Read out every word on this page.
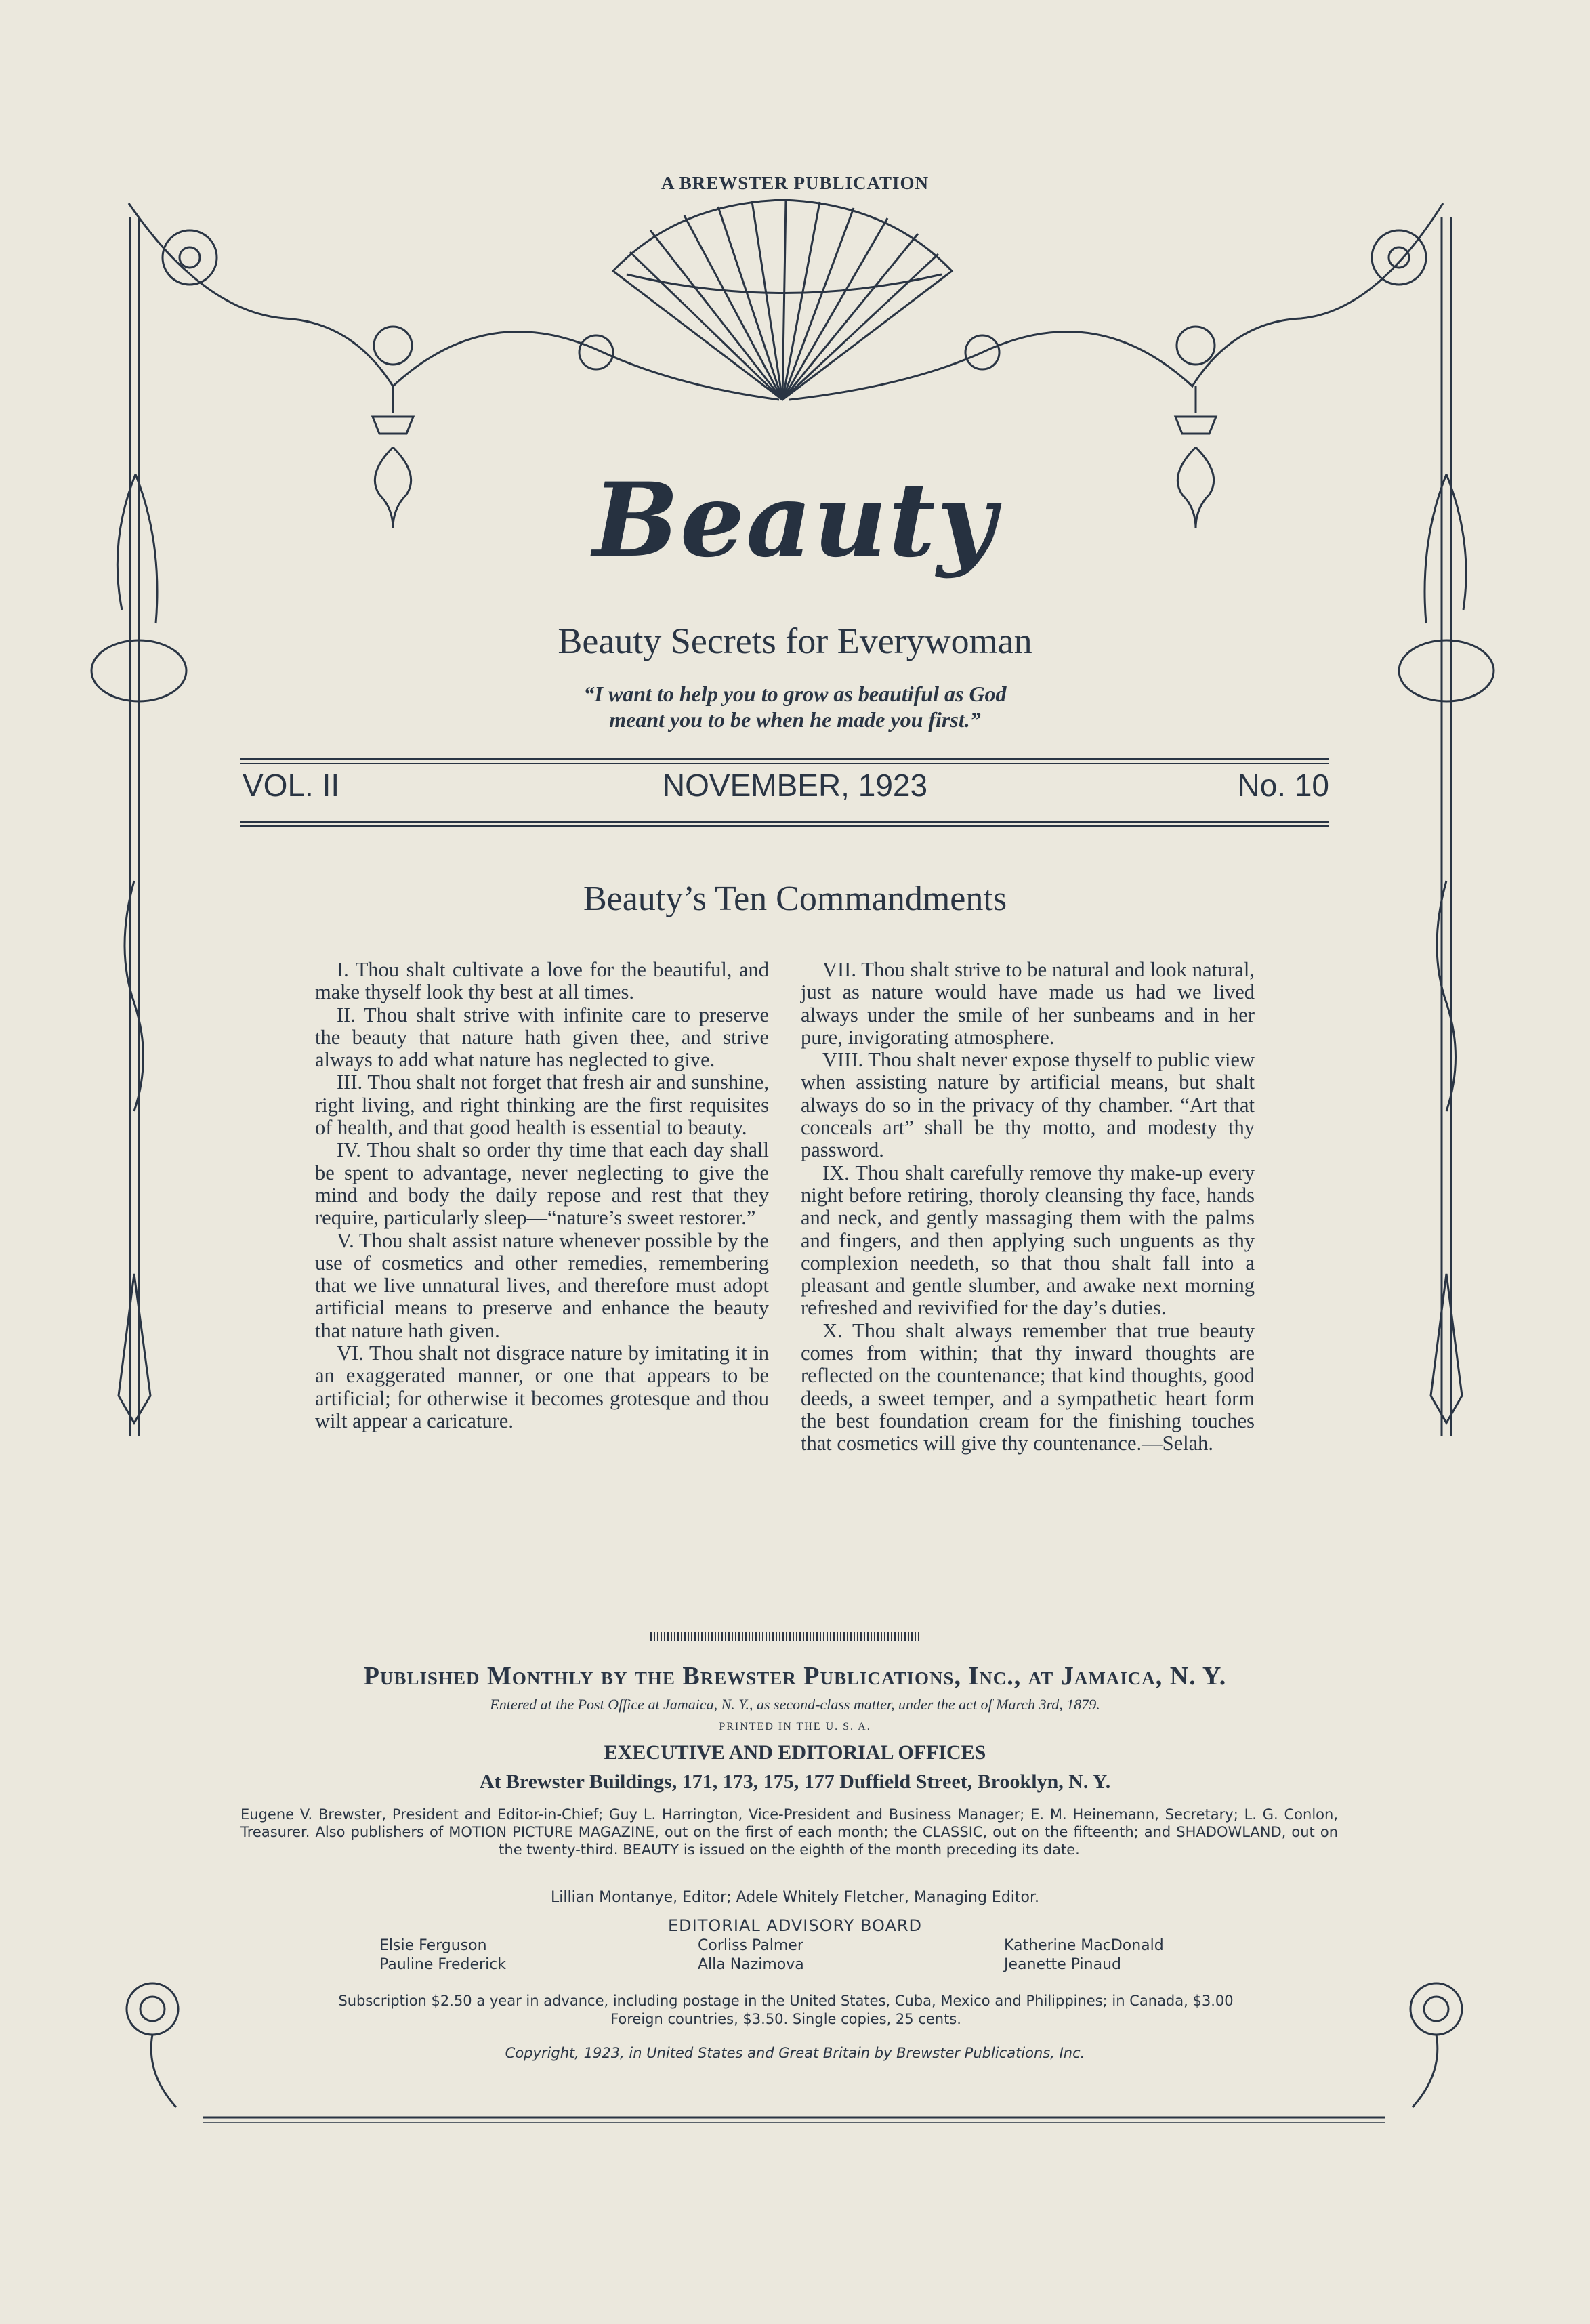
A BREWSTER PUBLICATION
Beauty
Beauty Secrets for Everywoman
“I want to help you to grow as beautiful as God
meant you to be when he made you first.”
VOL. II	NOVEMBER, 1923	No. 10
Beauty’s Ten Commandments

I. Thou shalt cultivate a love for the beautiful, and make thyself look thy best at all times.

II. Thou shalt strive with infinite care to preserve the beauty that nature hath given thee, and strive always to add what nature has neglected to give.

III. Thou shalt not forget that fresh air and sunshine, right living, and right thinking are the first requisites of health, and that good health is essential to beauty.

IV. Thou shalt so order thy time that each day shall be spent to advantage, never neglecting to give the mind and body the daily repose and rest that they require, particularly sleep—“nature’s sweet restorer.”

V. Thou shalt assist nature whenever possible by the use of cosmetics and other remedies, remembering that we live unnatural lives, and therefore must adopt artificial means to preserve and enhance the beauty that nature hath given.

VI. Thou shalt not disgrace nature by imitating it in an exaggerated manner, or one that appears to be artificial; for otherwise it becomes grotesque and thou wilt appear a caricature.

VII. Thou shalt strive to be natural and look natural, just as nature would have made us had we lived always under the smile of her sunbeams and in her pure, invigorating atmosphere.

VIII. Thou shalt never expose thyself to public view when assisting nature by artificial means, but shalt always do so in the privacy of thy chamber. “Art that conceals art” shall be thy motto, and modesty thy password.

IX. Thou shalt carefully remove thy make-up every night before retiring, thoroly cleansing thy face, hands and neck, and gently massaging them with the palms and fingers, and then applying such unguents as thy complexion needeth, so that thou shalt fall into a pleasant and gentle slumber, and awake next morning refreshed and revivified for the day’s duties.

X. Thou shalt always remember that true beauty comes from within; that thy inward thoughts are reflected on the countenance; that kind thoughts, good deeds, a sweet temper, and a sympathetic heart form the best foundation cream for the finishing touches that cosmetics will give thy countenance.—Selah.

Published Monthly by the Brewster Publications, Inc., at Jamaica, N. Y.
Entered at the Post Office at Jamaica, N. Y., as second-class matter, under the act of March 3rd, 1879.
PRINTED IN THE U. S. A.
EXECUTIVE AND EDITORIAL OFFICES
At Brewster Buildings, 171, 173, 175, 177 Duffield Street, Brooklyn, N. Y.
Eugene V. Brewster, President and Editor-in-Chief; Guy L. Harrington, Vice-President and Business Manager; E. M. Heinemann, Secretary; L. G. Conlon, Treasurer. Also publishers of MOTION PICTURE MAGAZINE, out on the first of each month; the CLASSIC, out on the fifteenth; and SHADOWLAND, out on the twenty-third. BEAUTY is issued on the eighth of the month preceding its date.
Lillian Montanye, Editor; Adele Whitely Fletcher, Managing Editor.
EDITORIAL ADVISORY BOARD
Elsie Ferguson
Pauline Frederick
Corliss Palmer
Alla Nazimova
Katherine MacDonald
Jeanette Pinaud
Subscription $2.50 a year in advance, including postage in the United States, Cuba, Mexico and Philippines; in Canada, $3.00
Foreign countries, $3.50. Single copies, 25 cents.
Copyright, 1923, in United States and Great Britain by Brewster Publications, Inc.
